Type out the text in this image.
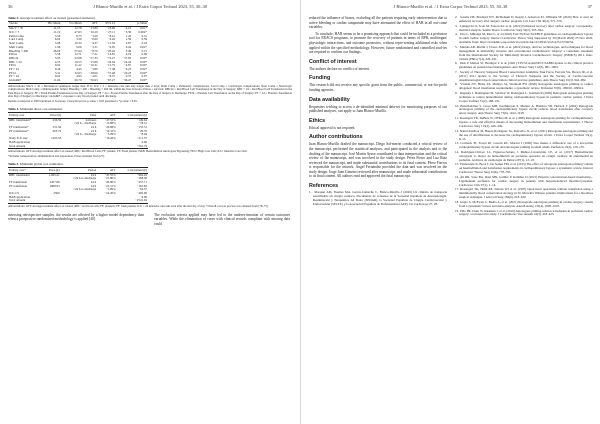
36	J Blanco-Murillo et al. / J Extra Corpor Technol 2023, 55, 30–38
Table 3. Average treatment effect on treated (presented estimates).
Variate	HG Mean	CG Mean	ATT	95% CI	p-Value	
MacV > 35	11.15	12.78	−13.80	−23.69	−4.10	0.01*
ICU > 7	11.19	47.63	−16.20	−27.11	−5.30	0.004*
Pulm Comp	5.50	8.75	−3.20	−8.41	1.43	0.31
Card Comp	6.02	3.59	−0.69	−6.26	1.59	0.59
Neur Comp	5.98	10.34	−4.37	−11.59	2.87	0.18
Mult Comp	1.96	5.06	−3.31	−6.05	0.44	0.02*
Bleeding > 400	48.04	57.64	−8.70	−20.45	3.49	0.15
Exitus	5.58	12.71	−7.21	−14.81	0.19	0.06
RBC24	5.05	52.68	−57.35	−72.27	−37.83	0.00*
RBC > 24	4.55	16.55	−15.86	−43.04	−24.44	0.00*
FP24	0.92	11.22	−10.31	−15.75	−4.87	0.00*
PF > 24	0.46	4.45	−3.80	−7.38	−0.23	0.04*
PT24	3.31	32.03	−28.66	−57.48	−20.23	0.00*
PT > 24	0.92	4.95	−4.01	−8.37	0.37	0.07
GlobalRF	11.04	66.79	−50.63	−67.27	−36.47	0.00*
Abbreviations: MacV > 35 = Mechanical ventilation longer than 35 h; ICU > 2 = Intensive care unit stay longer than 2 days; Pulm Comp = Pulmonary complications; Card Comp = Cardiologic complications; Neur Comp = Neurologic complications; Mult Comp = Multisystemic failure; Bleeding > 400 = Bleeding > 400 mL within the first 24 hours; Exitus = survival; RBC24 = Red Blood Cell Transfusion in the Day of Surgery; RBC > 24 = Red Blood Cell Transfusion in the First Days of Surgery; FP = Fresh Plasma Transfusion in the Day of Surgery; PF > 24 = Frozen Plasma Transfusion after the Day of Surgery to Discharge; PT24 = Platelets Cell Transfusion on the Day of Surgery; PT > 24 = Platelets Transfusion after Day of Surgery to Discharge; GlobalRF = exposure to any blood product until discharge.
Results correspond to 2000 iterations of bootstrap. Cases showed as p-value < 0.05 presented a *p-value < 0.05.
Table 4. Minimum direct cost estimation.
Unitary cost	Price (€)	Time	ATT	Cost/patient (€)
RBC transfusion*	236.59	24 hours	−47.55%	−149.64
		>24 h – discharge	−15.80%	−78.31
FF transfusion*	531.56	24 h	−20.86%	−155.51
PT transfusion*	205.72	24 h	−10.31%	−20.70
		>24 h – discharge	−5.09%	−8.04
Daily ICU stay	1293.53		−16.20%	−211.57
HAB application				0.00
Total amount				−591.79
Abbreviations: ATT: Average treatment effect on treated; RBC: Red Blood Cells; FF: plasma; PT: Fresh plasma; HAB: Hemodilution Autologous Bypassing; HCU: High Care Unit; ICU: Intensive Care Unit.
*Includes transportation, administration and preparation, Prices obtained from [27].
Table 5. Minimum global cost estimation.
Unitary cost*	Price (€)	Period	ATT	Cost/patient (€)
RBC transfusion	1,065.21	24 h	−47.55%	−962.02
		>24 h to discharge	−15.80%	−168.30
FF transfusion	2457.86	24 h	−20.86%	−457.71
PT transfusion	1808.93	24 h	−10.31%	−165.82
		>24 h to discharge	−5.09%	−64.37
ICU-CS	2500		−16.20%	−405.00
HAB application				0.00
Total amount				−2541.94
Abbreviations: ATT: Average treatment effect on treated; RBC: red blood cells; FF: platelets; FF: fresh plasma; ICU = 24 intensive care unit even after the 2nd day of stay. *Overall cost per process was obtained from [78–73].
assessing retrospective samples, the results are affected by a higher model dependency than when a prospective randomized methodology is applied [40].
The exclusion criteria applied may have led to the underes-timation of certain outcomes variables. While the elimination of cases with clinical records compliant with missing data could
J Blanco-Murillo et al. / J Extra Corpor Technol 2023, 55, 30–38	37
reduced the influence of biases, excluding all the patients requiring early reintervention due to active bleeding or cardiac tamponade may have attenuated the effect of HAB in all out-come variables.
To conclude, HAB seems to be a promising approach that could be included as a perfusion tool for ERACS programs, to promote the recovery of patients in terms of BPR, multiorgan/ physiologic interactions, and outcome pronostics, without repre-senting additional risks when applied within the specified methodology. However, future randomized and controlled stud-ies are required to confirm our findings.
Conflict of interest
The authors declare no conflict of interest.
Funding
This research did not receive any specific grant from the public, commercial, or not-for-profit funding agencies.
Data availability
Requesters wishing to access a de-identified minimal data-set for monitoring purposes of our published analyses, can apply to Juan Blanco-Murillo.
Ethics
Ethical approval is not required.
Author contributions
Juan Blanco-Murillo drafted the manuscript. Diego Sal-merón conducted a critical review of the manuscript, performed the statistical analyses, and participated in the analysis and to the drafting of the manuscript. José Martin Ayuso contributed to data interpretation and the critical review of the manuscript, and was involved in the study design. Pérez Fierro and Luz Ruiz reviewed the manuscript, and made substantial contributions to its final content. Pérez Fierros is responsible for the artwork. Ángel Fernández provided the data and was involved on the study design. Jorge Juan Gimeno reviewed after manuscript, and made substantial contributions to its final content. All authors read and approved the final manuscript.
References
1. Marquet AM, Fuentes MA, García-Camacho C, Blanco-Murillo J (2020) Un cilindro de transporte esterilizable en cirugía cardíaca. Documento de consenso de la Sociedad Española de Anestesiología, Reanimación y Terapéutica del Dolor (SEDAR), la Sociedad Española de Cirugía Cardiovascular y Endovascular (SECCE) y la Asociación Española de Perfusionistas (AEP). Cir Cardiovasc 27, 28.
2. Jerome DE, Bradford WT, McDonnell D, Regali J, Ackerton EJ, Williams SE (2020) How to start an enhanced recovery after surgery cardiac program. Crit Care Clin 36(4), 571–579.
3. Ljungqvist O, Scott M, Fearon KC et al. (2022) Enhanced recovery after cardiac surgery: a propensity-matched analysis. Semin Thorac Cardiovasc Surg 34(2), 565–594.
4. Pato L, Mhlanga M, Rusi C, et al (2020) EACTS/EACTA/EBCP guidelines on cardiopulmonary bypass in adult cardiac surgery. Interact CardioVasc Thorac Surg Supported by 30 (March 2020) 25 Nov 2020. Available from: https://academic.oup.com/icvts/article/doi/10.1093/icvts/ivz251/5756054.
5. Meurks AB, Martín J, Claros JCR, et al. (2022) Drugs, devices, technologies, and techniques for blood management in mini-mally invasive and conventional cardiothoracic surgery: a consensus statement from the International Society for Mini-mally Invasive Cardiothoracic Surgery (ISMICS) 2011. Inno-vations (Phila) 7(4), 229–241.
6. Dirk P, Mellon SJ, Heringof V et al. (2021) STS/SCA/AmSECT/SABM update to the clinical practice guidelines on patient blood management. Ann Thorac Surg 112(3), 981–1004.
7. Society of Thoracic Surgeons Blood Conservation Guideline Task Force, Ferraris VA, Brown JR, et al. (2011) 2011 update to the Society of Thoracic Surgeons and the Society of Cardio-vascular Anesthesiologists blood conservation clinical practice guidelines. Ann Thorac Surg 91(3), 944–982.
8. Vlaskin NV, Hulse ZS, Muniya JA, Wormald PW (2020) Retrograde autologous priming to reduce allogeneic blood transfusion requirements: a systematic review. Perfusion 35(8), 109910–109914.
9. Ragusky I, Dominguez M, Saldivar W, Rodriguez L, Guzman R (2009) Retrograde autologous priming technique to reduce hemodilution during cardiopulmonary bypass in pediatric cardiac patient. J Extra Corpor Technol 51(2), 188–191.
10. Balachandran S, Cross MH, Karthikeyan S, Mulpur A, Hansbro SD, Hobson F (2002) Retrograde autologous priming of the cardiopulmonary bypass circuit reduces blood transfusion after coronary artery surgery. Ann Thorac Surg 73(6), 1912–1918.
11. Rosengart TK, DeBois W, O'Hara M, et al. (1998) Retrograde autologous priming for cardiopulmonary bypass: a safe and effective means of decreasing hemodilution and transfusion requirements. J Thorac Cardiovasc Surg 115(2), 426–439.
12. Nanni-Zaldivar M, Huerta Rodriguez JA, Pancorbo JL, et al. (2021) Retrograde autologous priming and the use of ultrafiltration to decrease the cardiopulmonary bypass circuit. J Extra Corpor Technol 53(1), 9–13.
13. Cormack JE, Forest RJ, Groom RC, Morton J (2000) Size makes a difference: use of a low-prime cardiopulmonary bypass circuit and autologous priming in small adults. Perfusion 15(2), 129–135.
14. Rodríguez-Chávez LL, Figueroa-Solano J, Muñoz-Covarrubias CE, et al. (2017) Hemodilución retrógrada vs mayor de hemodilución en pacientes operados en cirugía cardíaca de enfermedad en pediatría. Archivos de cardiología de México 87(1), 13–18.
15. Vandewiele K, Bové T, De Somer FM, et al. (2013) The effect of retrograde autologous priming volume on haemodilution and transfusion requirements in cardiopulmonary bypass: a systematic review. Interact Cardiovasc Thorac Surg 16(6), 778–783.
16. Ali RR, Saxe BA, Ruel MN, Gaither P, Kallaher D (2021) Heparin concentration-based monitoring... Ligamentum perfusion for cardiac surgery in patients with heparin-induced thrombocytopenia. Cardiovasc Clin 37(1), 1–14.
17. Rosengart TK, Helm RE, Debois WJ et al. (1997) Open heart operations without transfusion using a multimodality blood conservation strategy in 50 Jehovah's Witness patients: implications for a bloodless surgical technique. J Am Coll Surg 184(6), 618–629.
18. Gupta S, McEwen C, Basha A, et al. (2021) Retrograde autologous priming in cardiac surgery: results from a systematic review and meta-analysis. Anesth Analg 132(4), 1008–1018.
19. Eldo PR, Chen JS, Kirkman J, et al. (2010) Autologous priming reduces transfusion in perfusion cardiac surgery: a retrospective study. J Cardiothorac Vasc Anesth 24(3), 418–423.
